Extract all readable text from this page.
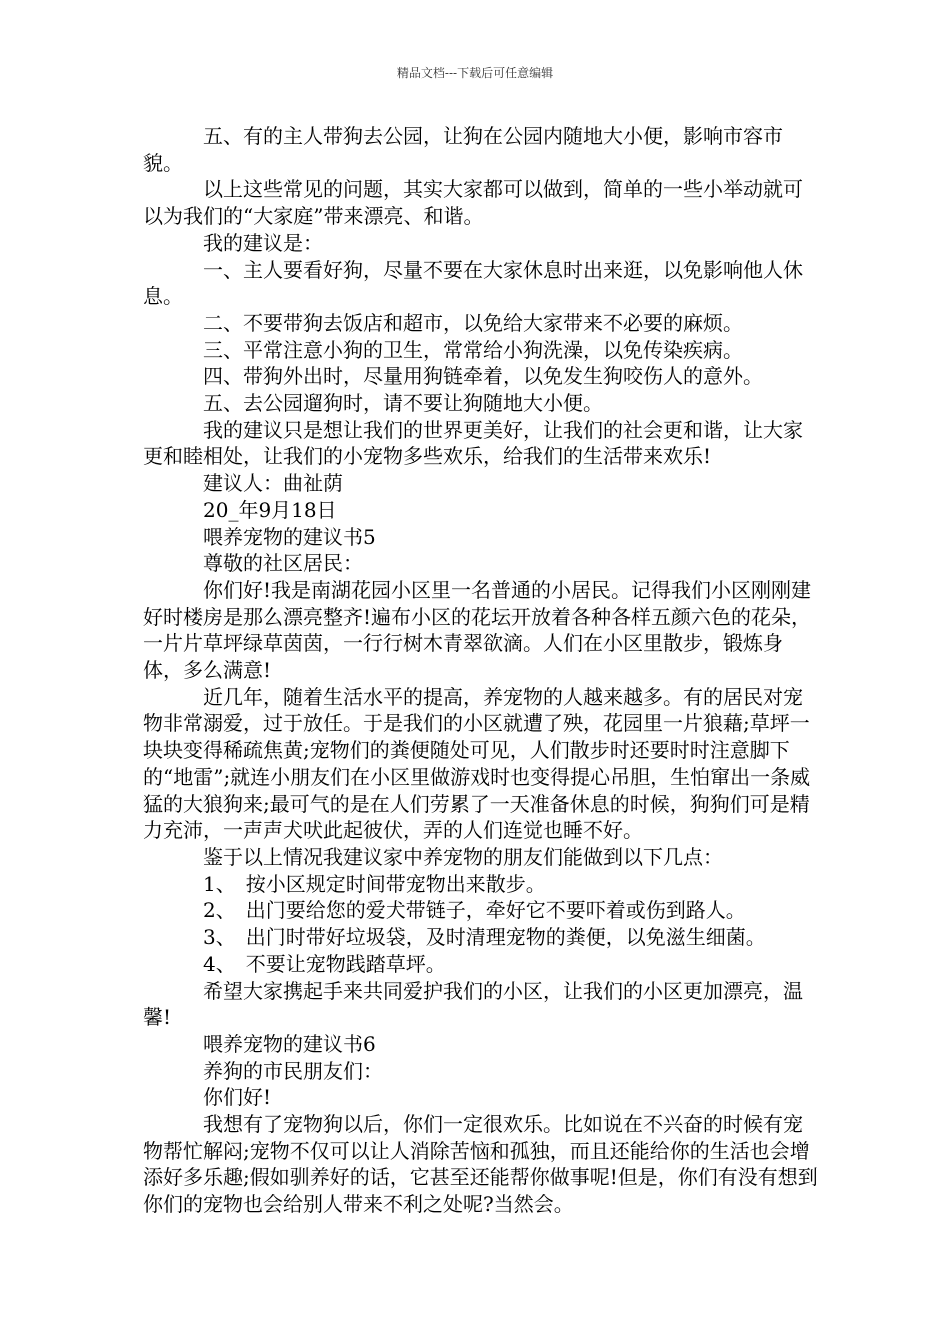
精品文档---下载后可任意编辑

五、有的主人带狗去公园，让狗在公园内随地大小便，影响市容市貌。

以上这些常见的问题，其实大家都可以做到，简单的一些小举动就可以为我们的“大家庭”带来漂亮、和谐。

我的建议是：

一、主人要看好狗，尽量不要在大家休息时出来逛，以免影响他人休息。

二、不要带狗去饭店和超市，以免给大家带来不必要的麻烦。

三、平常注意小狗的卫生，常常给小狗洗澡，以免传染疾病。

四、带狗外出时，尽量用狗链牵着，以免发生狗咬伤人的意外。

五、去公园遛狗时，请不要让狗随地大小便。

我的建议只是想让我们的世界更美好，让我们的社会更和谐，让大家更和睦相处，让我们的小宠物多些欢乐，给我们的生活带来欢乐!

建议人：曲祉荫

20_年9月18日

喂养宠物的建议书5

尊敬的社区居民：

你们好!我是南湖花园小区里一名普通的小居民。记得我们小区刚刚建好时楼房是那么漂亮整齐!遍布小区的花坛开放着各种各样五颜六色的花朵，一片片草坪绿草茵茵，一行行树木青翠欲滴。人们在小区里散步，锻炼身体，多么满意!

近几年，随着生活水平的提高，养宠物的人越来越多。有的居民对宠物非常溺爱，过于放任。于是我们的小区就遭了殃，花园里一片狼藉;草坪一块块变得稀疏焦黄;宠物们的粪便随处可见，人们散步时还要时时注意脚下的“地雷”;就连小朋友们在小区里做游戏时也变得提心吊胆，生怕窜出一条威猛的大狼狗来;最可气的是在人们劳累了一天准备休息的时候，狗狗们可是精力充沛，一声声犬吠此起彼伏，弄的人们连觉也睡不好。

鉴于以上情况我建议家中养宠物的朋友们能做到以下几点：

1、　按小区规定时间带宠物出来散步。

2、　出门要给您的爱犬带链子，牵好它不要吓着或伤到路人。

3、　出门时带好垃圾袋，及时清理宠物的粪便，以免滋生细菌。

4、　不要让宠物践踏草坪。

希望大家携起手来共同爱护我们的小区，让我们的小区更加漂亮，温馨!

喂养宠物的建议书6

养狗的市民朋友们：

你们好!

我想有了宠物狗以后，你们一定很欢乐。比如说在不兴奋的时候有宠物帮忙解闷;宠物不仅可以让人消除苦恼和孤独，而且还能给你的生活也会增添好多乐趣;假如驯养好的话，它甚至还能帮你做事呢!但是，你们有没有想到你们的宠物也会给别人带来不利之处呢?当然会。
